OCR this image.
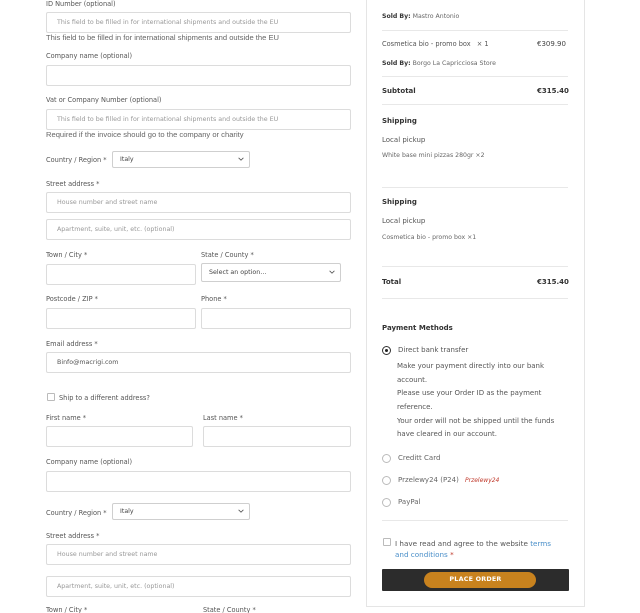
ID Number (optional)
This field to be filled in for international shipments and outside the EU
This field to be filled in for international shipments and outside the EU
Company name (optional)
Vat or Company Number (optional)
This field to be filled in for international shipments and outside the EU
Required if the invoice should go to the company or charity
Country / Region *	Italy
Street address *
House number and street name
Apartment, suite, unit, etc. (optional)
Town / City *	State / County *
Select an option…
Postcode / ZIP *	Phone *
Email address *
Binfo@macrigi.com
Ship to a different address?
First name *	Last name *
Company name (optional)
Country / Region *	Italy
Street address *
House number and street name
Apartment, suite, unit, etc. (optional)
Town / City *	State / County *
Sold By: Mastro Antonio
Cosmetica bio - promo box × 1	€309.90
Sold By: Borgo La Capricciosa Store
Subtotal	€315.40
Shipping
Local pickup
White base mini pizzas 280gr ×2
Shipping
Local pickup
Cosmetica bio - promo box ×1
Total	€315.40
Payment Methods
Direct bank transfer
Make your payment directly into our bank
account.
Please use your Order ID as the payment
reference.
Your order will not be shipped until the funds
have cleared in our account.
Creditt Card
Przelewy24 (P24) Przelewy24
PayPal
I have read and agree to the website terms
and conditions *
PLACE ORDER
